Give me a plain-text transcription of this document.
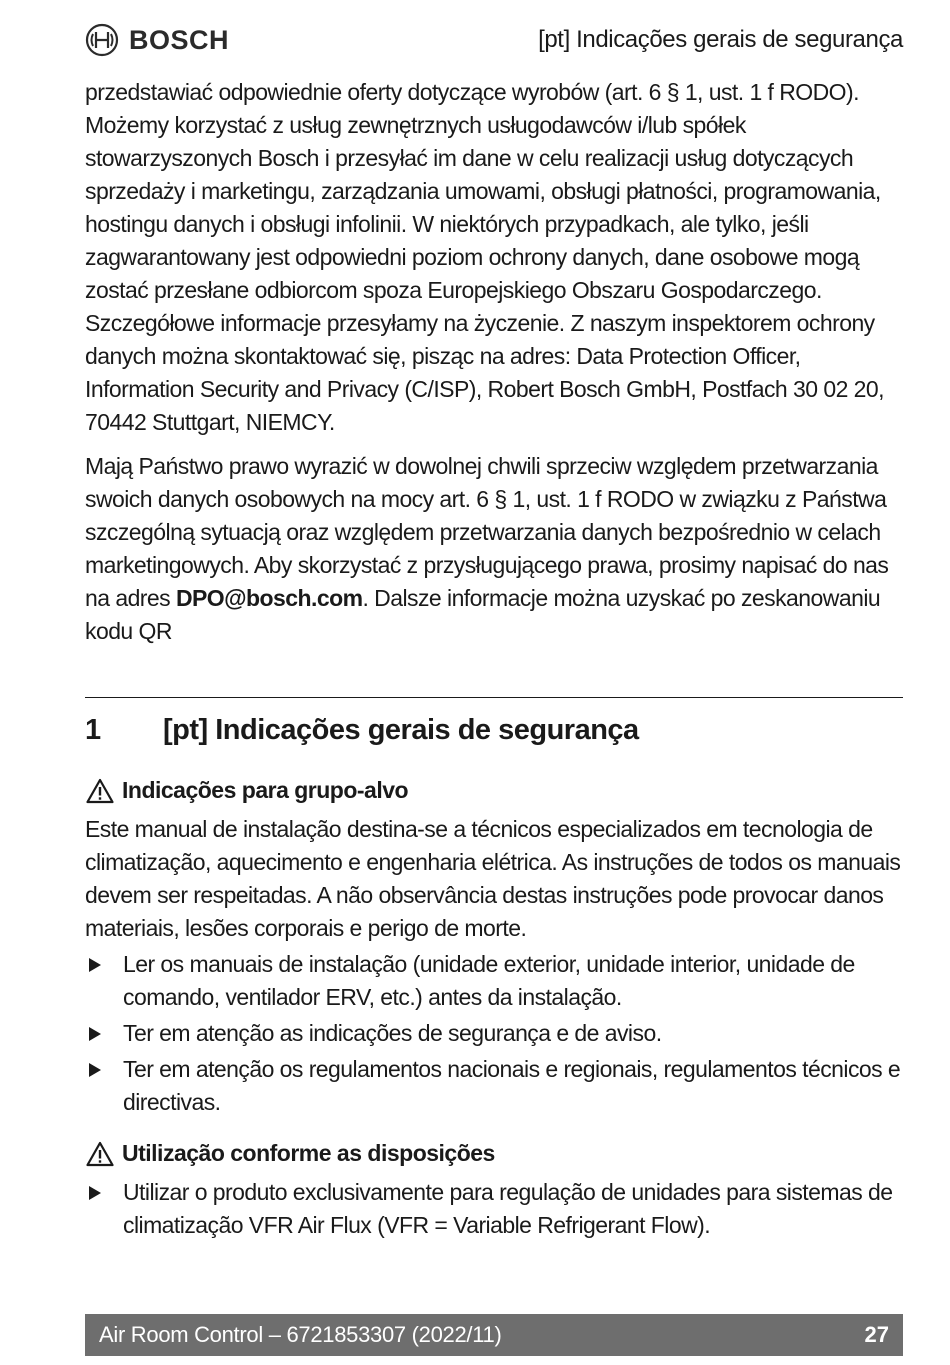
BOSCH	[pt] Indicações gerais de segurança

przedstawiać odpowiednie oferty dotyczące wyrobów (art. 6 § 1, ust. 1 f RODO). Możemy korzystać z usług zewnętrznych usługodawców i/lub spółek stowarzyszonych Bosch i przesyłać im dane w celu realizacji usług dotyczących sprzedaży i marketingu, zarządzania umowami, obsługi płatności, programowania, hostingu danych i obsługi infolinii. W niektórych przypadkach, ale tylko, jeśli zagwarantowany jest odpowiedni poziom ochrony danych, dane osobowe mogą zostać przesłane odbiorcom spoza Europejskiego Obszaru Gospodarczego. Szczegółowe informacje przesyłamy na życzenie. Z naszym inspektorem ochrony danych można skontaktować się, pisząc na adres: Data Protection Officer, Information Security and Privacy (C/ISP), Robert Bosch GmbH, Postfach 30 02 20, 70442 Stuttgart, NIEMCY.

Mają Państwo prawo wyrazić w dowolnej chwili sprzeciw względem przetwarzania swoich danych osobowych na mocy art. 6 § 1, ust. 1 f RODO w związku z Państwa szczególną sytuacją oraz względem przetwarzania danych bezpośrednio w celach marketingowych. Aby skorzystać z przysługującego prawa, prosimy napisać do nas na adres DPO@bosch.com. Dalsze informacje można uzyskać po zeskanowaniu kodu QR

1	[pt] Indicações gerais de segurança
Indicações para grupo-alvo

Este manual de instalação destina-se a técnicos especializados em tecnologia de climatização, aquecimento e engenharia elétrica. As instruções de todos os manuais devem ser respeitadas. A não observância destas instruções pode provocar danos materiais, lesões corporais e perigo de morte.

Ler os manuais de instalação (unidade exterior, unidade interior, unidade de comando, ventilador ERV, etc.) antes da instalação.
Ter em atenção as indicações de segurança e de aviso.
Ter em atenção os regulamentos nacionais e regionais, regulamentos técnicos e directivas.
Utilização conforme as disposições
Utilizar o produto exclusivamente para regulação de unidades para sistemas de climatização VFR Air Flux (VFR = Variable Refrigerant Flow).
Air Room Control – 6721853307 (2022/11)	27
